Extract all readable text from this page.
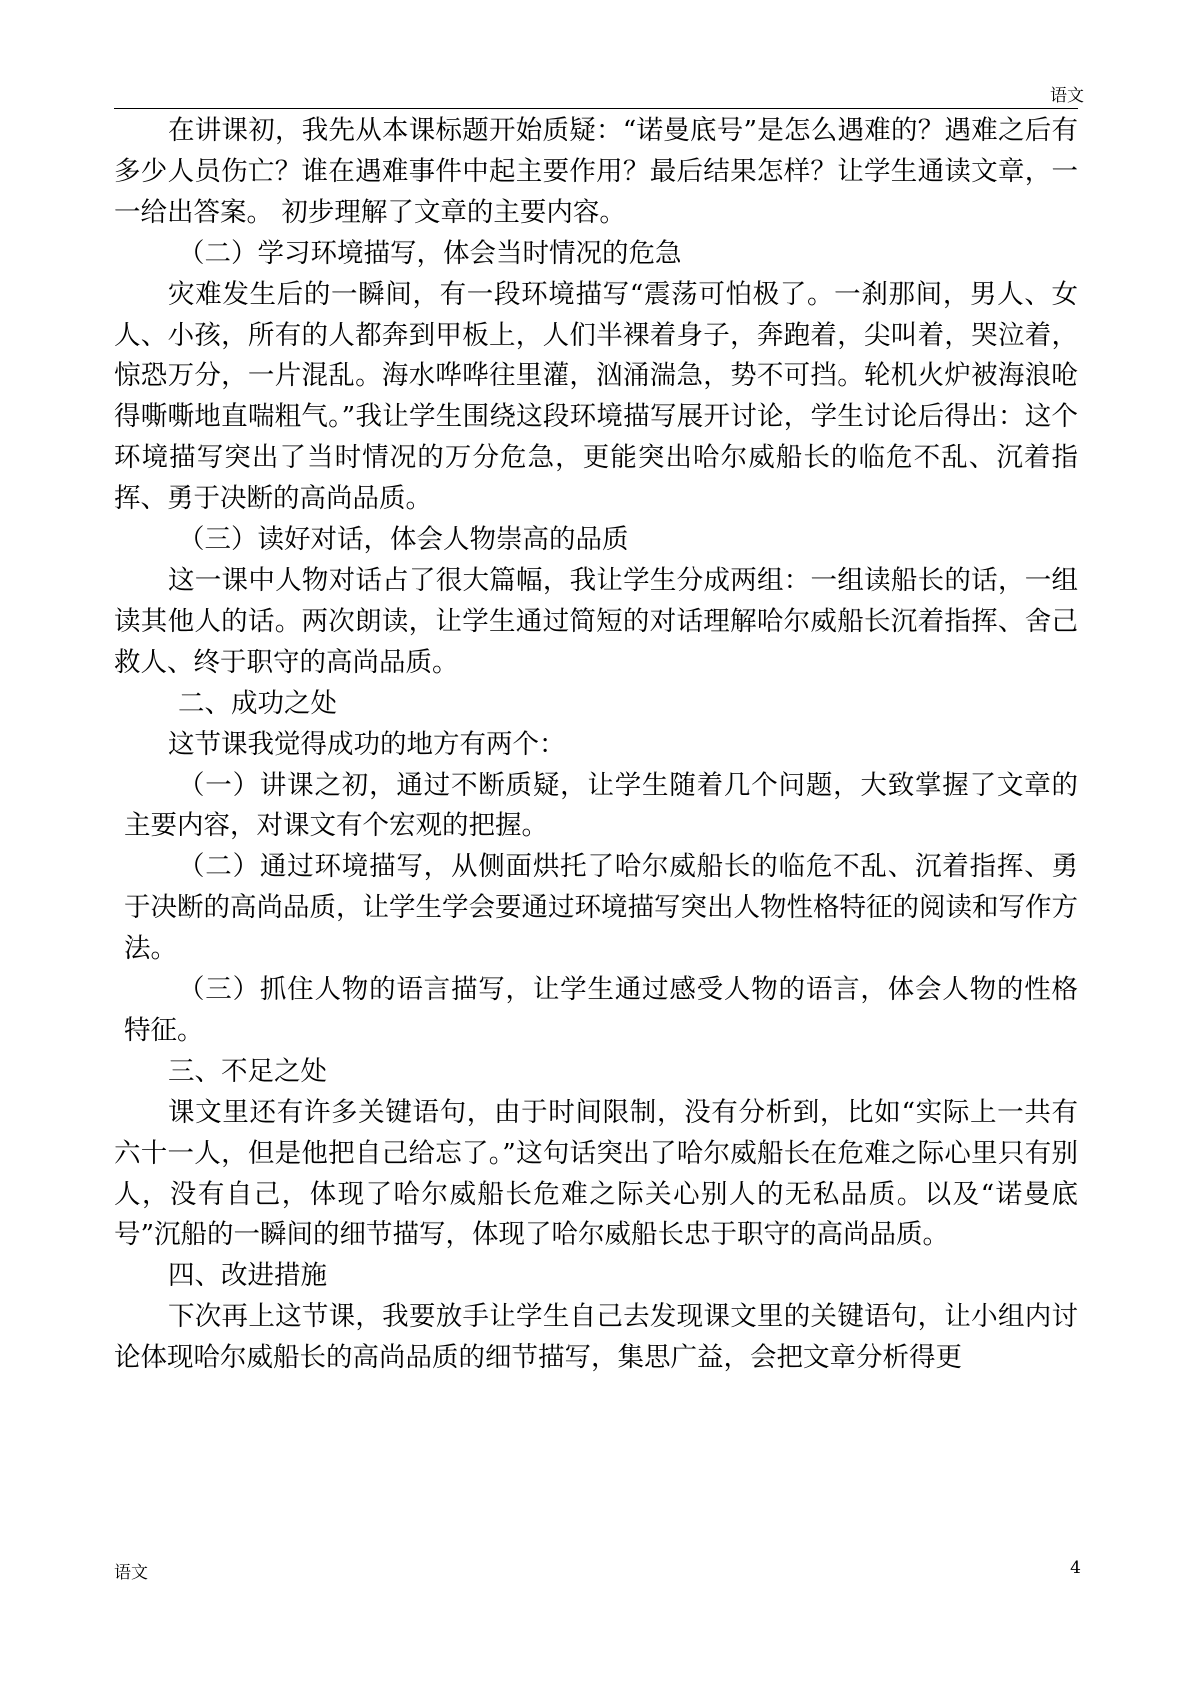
语文

在讲课初，我先从本课标题开始质疑：“诺曼底号”是怎么遇难的？遇难之后有多少人员伤亡？谁在遇难事件中起主要作用？最后结果怎样？让学生通读文章，一一给出答案。 初步理解了文章的主要内容。

（二）学习环境描写，体会当时情况的危急

灾难发生后的一瞬间，有一段环境描写“震荡可怕极了。一刹那间，男人、女人、小孩，所有的人都奔到甲板上，人们半裸着身子，奔跑着，尖叫着，哭泣着，惊恐万分，一片混乱。海水哗哗往里灌，汹涌湍急，势不可挡。轮机火炉被海浪呛得嘶嘶地直喘粗气。”我让学生围绕这段环境描写展开讨论，学生讨论后得出：这个环境描写突出了当时情况的万分危急，更能突出哈尔威船长的临危不乱、沉着指挥、勇于决断的高尚品质。

（三）读好对话，体会人物崇高的品质

这一课中人物对话占了很大篇幅，我让学生分成两组：一组读船长的话，一组读其他人的话。两次朗读，让学生通过简短的对话理解哈尔威船长沉着指挥、舍己救人、终于职守的高尚品质。

二、成功之处

这节课我觉得成功的地方有两个：

（一）讲课之初，通过不断质疑，让学生随着几个问题，大致掌握了文章的主要内容，对课文有个宏观的把握。

（二）通过环境描写，从侧面烘托了哈尔威船长的临危不乱、沉着指挥、勇于决断的高尚品质，让学生学会要通过环境描写突出人物性格特征的阅读和写作方法。

（三）抓住人物的语言描写，让学生通过感受人物的语言，体会人物的性格特征。

三、不足之处

课文里还有许多关键语句，由于时间限制，没有分析到，比如“实际上一共有六十一人，但是他把自己给忘了。”这句话突出了哈尔威船长在危难之际心里只有别人，没有自己，体现了哈尔威船长危难之际关心别人的无私品质。以及“诺曼底号”沉船的一瞬间的细节描写，体现了哈尔威船长忠于职守的高尚品质。

四、改进措施

下次再上这节课，我要放手让学生自己去发现课文里的关键语句，让小组内讨论体现哈尔威船长的高尚品质的细节描写，集思广益，会把文章分析得更

语文	4
